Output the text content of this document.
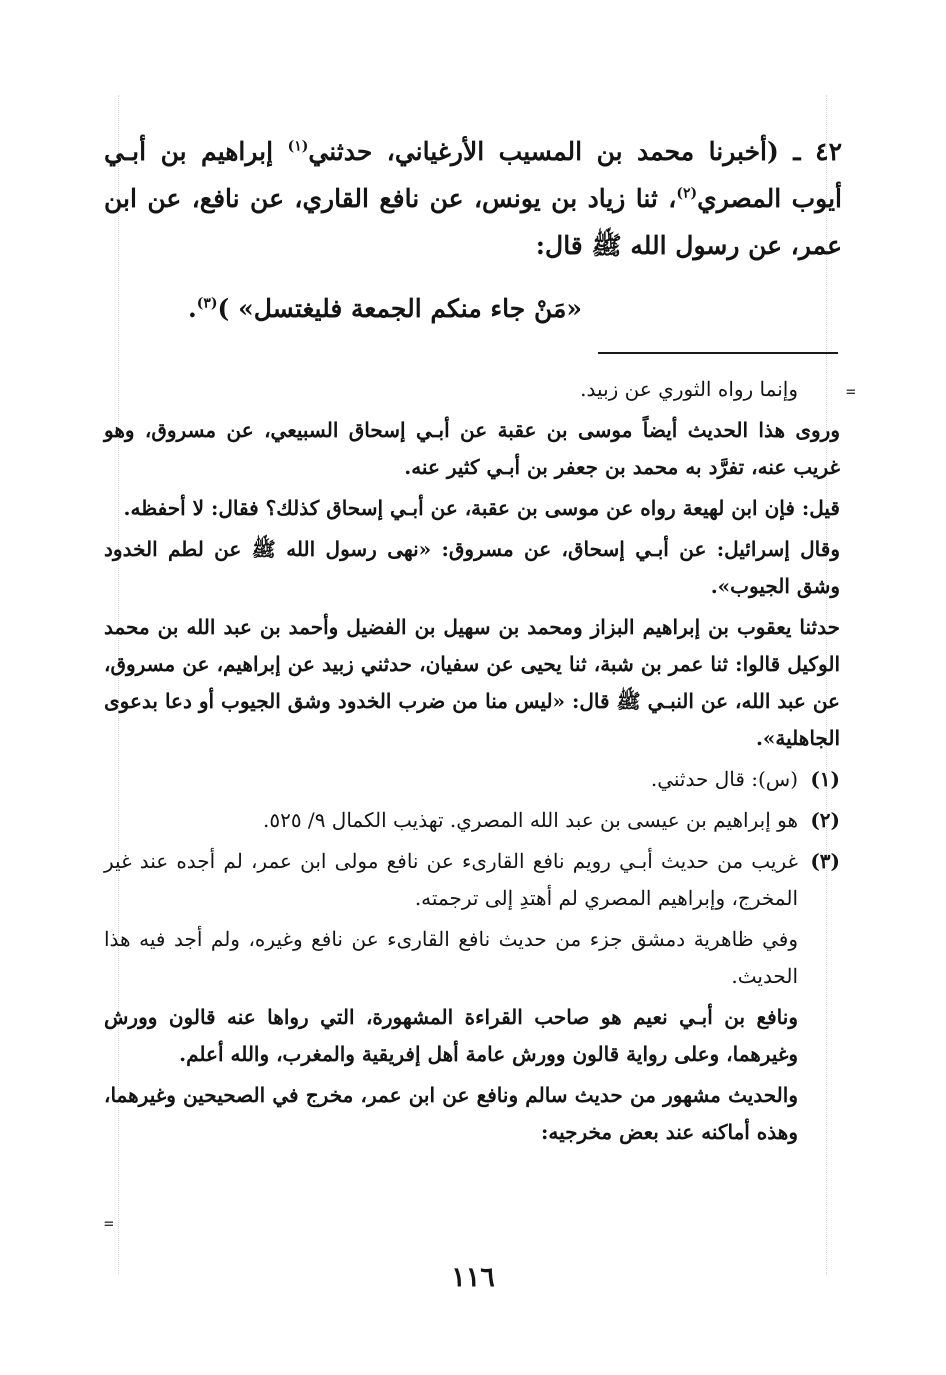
٤٢ ـ (أخبرنا محمد بن المسيب الأرغياني، حدثني$^{(١)}$ إبراهيم بن أبـي أيوب المصري$^{(٢)}$، ثنا زياد بن يونس، عن نافع القاري، عن نافع، عن ابن عمر، عن رسول الله ﷺ قال:

«مَنْ جاء منكم الجمعة فليغتسل» )$^{(٣)}$.
=

وإنما رواه الثوري عن زبيد.

وروى هذا الحديث أيضاً موسى بن عقبة عن أبـي إسحاق السبيعي، عن مسروق، وهو غريب عنه، تفرَّد به محمد بن جعفر بن أبـي كثير عنه.

قيل: فإن ابن لهيعة رواه عن موسى بن عقبة، عن أبـي إسحاق كذلك؟ فقال: لا أحفظه.

وقال إسرائيل: عن أبـي إسحاق، عن مسروق: «نهى رسول الله ﷺ عن لطم الخدود وشق الجيوب».

حدثنا يعقوب بن إبراهيم البزاز ومحمد بن سهيل بن الفضيل وأحمد بن عبد الله بن محمد الوكيل قالوا: ثنا عمر بن شبة، ثنا يحيى عن سفيان، حدثني زبيد عن إبراهيم، عن مسروق، عن عبد الله، عن النبـي ﷺ قال: «ليس منا من ضرب الخدود وشق الجيوب أو دعا بدعوى الجاهلية».

(١)
(س): قال حدثني.
(٢)
هو إبراهيم بن عيسى بن عبد الله المصري. تهذيب الكمال ٩/ ٥٢٥.
(٣)
غريب من حديث أبـي رويم نافع القارىء عن نافع مولى ابن عمر، لم أجده عند غير المخرج، وإبراهيم المصري لم أهتدِ إلى ترجمته.
وفي ظاهرية دمشق جزء من حديث نافع القارىء عن نافع وغيره، ولم أجد فيه هذا الحديث.

ونافع بن أبـي نعيم هو صاحب القراءة المشهورة، التي رواها عنه قالون وورش وغيرهما، وعلى رواية قالون وورش عامة أهل إفريقية والمغرب، والله أعلم.

والحديث مشهور من حديث سالم ونافع عن ابن عمر، مخرج في الصحيحين وغيرهما، وهذه أماكنه عند بعض مخرجيه:

=
١١٦
